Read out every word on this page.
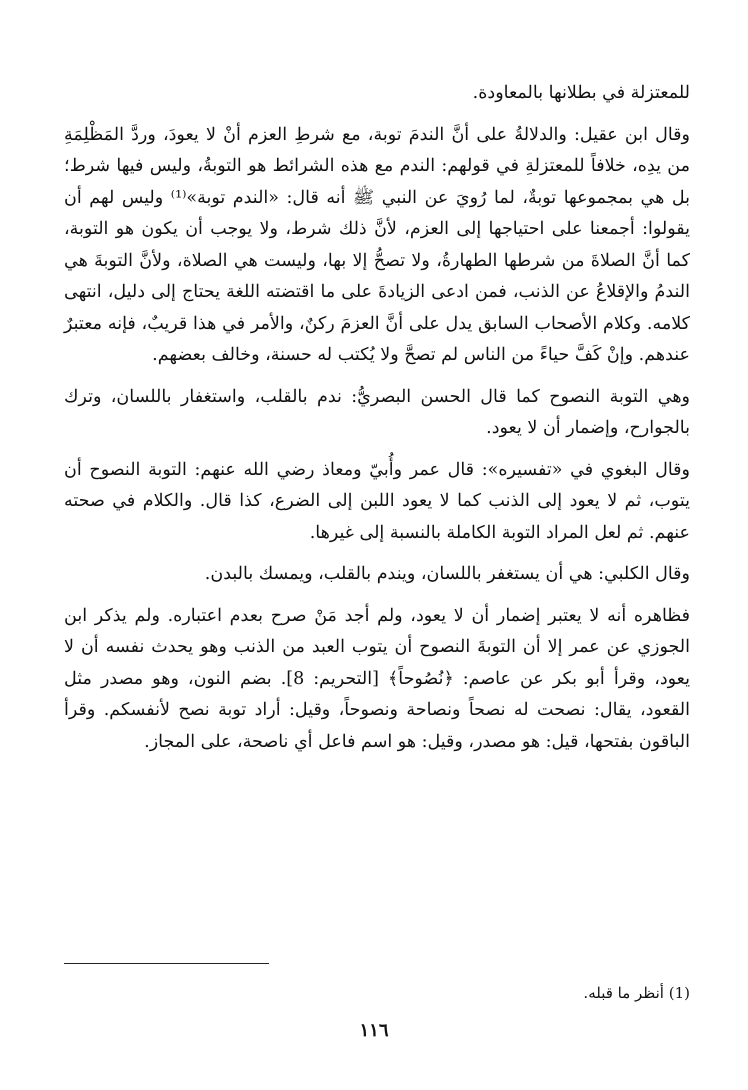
للمعتزلة في بطلانها بالمعاودة.

وقال ابن عقيل: والدلالةُ على أنَّ الندمَ توبة، مع شرطِ العزم أنْ لا يعودَ، وردَّ المَظْلِمَةِ من يدِه، خلافاً للمعتزلةِ في قولهم: الندم مع هذه الشرائط هو التوبةُ، وليس فيها شرط؛ بل هي بمجموعها توبةٌ، لما رُويَ عن النبي ﷺ أنه قال: «الندم توبة»⁽¹⁾ وليس لهم أن يقولوا: أجمعنا على احتياجها إلى العزم، لأنَّ ذلك شرط، ولا يوجب أن يكون هو التوبة، كما أنَّ الصلاةَ من شرطها الطهارةُ، ولا تصحُّ إلا بها، وليست هي الصلاة، ولأنَّ التوبةَ هي الندمُ والإقلاعُ عن الذنب، فمن ادعى الزيادةَ على ما اقتضته اللغة يحتاج إلى دليل، انتهى كلامه. وكلام الأصحاب السابق يدل على أنَّ العزمَ ركنٌ، والأمر في هذا قريبٌ، فإنه معتبرٌ عندهم. وإنْ كَفَّ حياءً من الناس لم تصحَّ ولا يُكتب له حسنة، وخالف بعضهم.

وهي التوبة النصوح كما قال الحسن البصريُّ: ندم بالقلب، واستغفار باللسان، وترك بالجوارح، وإضمار أن لا يعود.

وقال البغوي في «تفسيره»: قال عمر وأُبيّ ومعاذ رضي الله عنهم: التوبة النصوح أن يتوب، ثم لا يعود إلى الذنب كما لا يعود اللبن إلى الضرع، كذا قال. والكلام في صحته عنهم. ثم لعل المراد التوبة الكاملة بالنسبة إلى غيرها.

وقال الكلبي: هي أن يستغفر باللسان، ويندم بالقلب، ويمسك بالبدن.

فظاهره أنه لا يعتبر إضمار أن لا يعود، ولم أجد مَنْ صرح بعدم اعتباره. ولم يذكر ابن الجوزي عن عمر إلا أن التوبةَ النصوح أن يتوب العبد من الذنب وهو يحدث نفسه أن لا يعود، وقرأ أبو بكر عن عاصم: ﴿نُصُوحاً﴾ [التحريم: 8]. بضم النون، وهو مصدر مثل القعود، يقال: نصحت له نصحاً ونصاحة ونصوحاً، وقيل: أراد توبة نصح لأنفسكم. وقرأ الباقون بفتحها، قيل: هو مصدر، وقيل: هو اسم فاعل أي ناصحة، على المجاز.

(1) أنظر ما قبله.
١١٦
